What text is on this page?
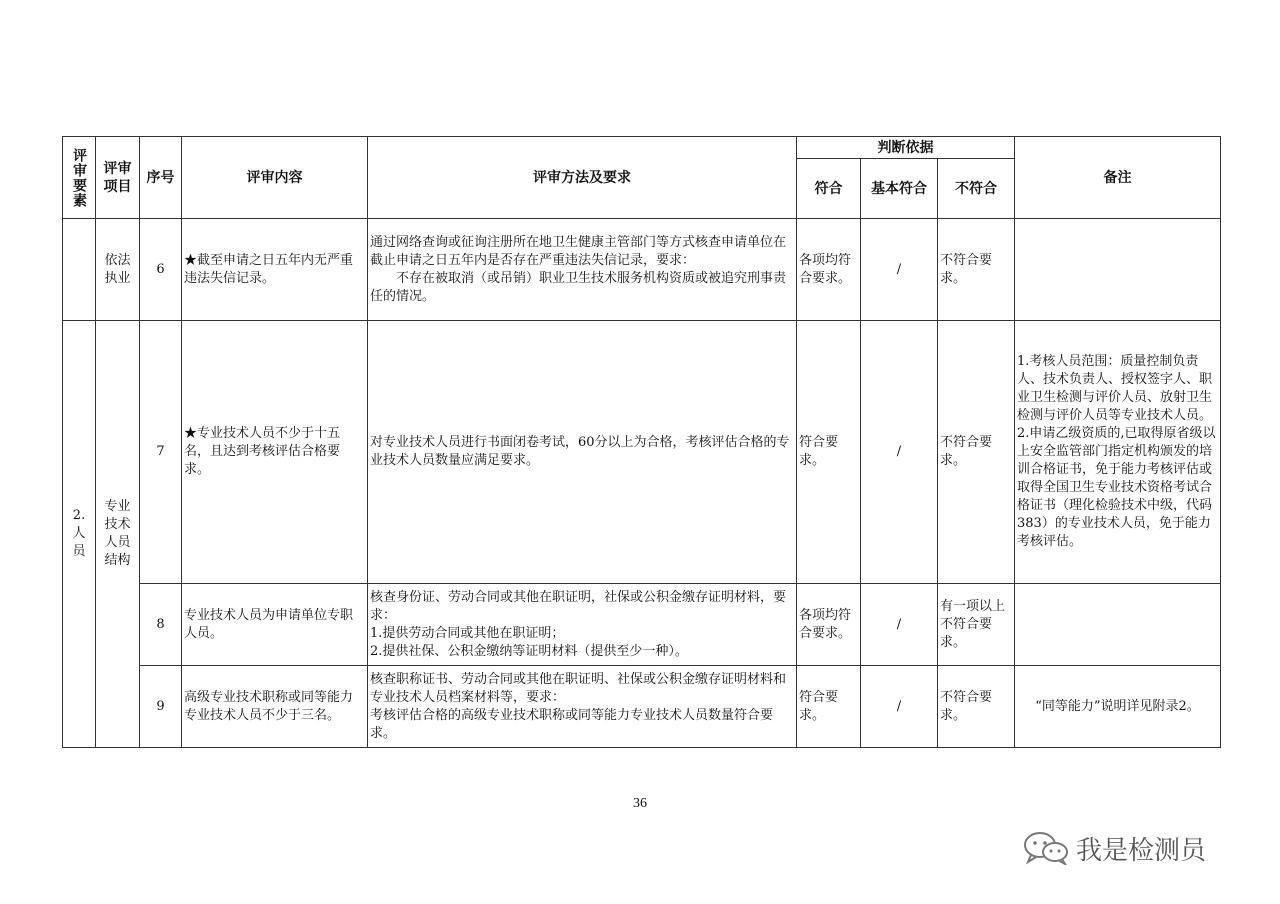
评审要素	评审项目	序号	评审内容	评审方法及要求	判断依据			备注
					符合	基本符合	不符合	
	依法执业	6	★截至申请之日五年内无严重违法失信记录。	通过网络查询或征询注册所在地卫生健康主管部门等方式核查申请单位在截止申请之日五年内是否存在严重违法失信记录，要求：
不存在被取消（或吊销）职业卫生技术服务机构资质或被追究刑事责任的情况。	各项均符合要求。	/	不符合要求。	

2.人员	专业技术人员结构	7	★专业技术人员不少于十五名，且达到考核评估合格要求。	对专业技术人员进行书面闭卷考试，60分以上为合格，考核评估合格的专业技术人员数量应满足要求。	符合要求。	/	不符合要求。	1.考核人员范围：质量控制负责人、技术负责人、授权签字人、职业卫生检测与评价人员、放射卫生检测与评价人员等专业技术人员。
2.申请乙级资质的,已取得原省级以上安全监管部门指定机构颁发的培训合格证书，免于能力考核评估或取得全国卫生专业技术资格考试合格证书（理化检验技术中级，代码383）的专业技术人员，免于能力考核评估。

		8	专业技术人员为申请单位专职人员。	核查身份证、劳动合同或其他在职证明，社保或公积金缴存证明材料，要求：
1.提供劳动合同或其他在职证明；
2.提供社保、公积金缴纳等证明材料（提供至少一种）。	各项均符合要求。	/	有一项以上不符合要求。	
		9	高级专业技术职称或同等能力专业技术人员不少于三名。	核查职称证书、劳动合同或其他在职证明、社保或公积金缴存证明材料和专业技术人员档案材料等，要求：
考核评估合格的高级专业技术职称或同等能力专业技术人员数量符合要求。	符合要求。	/	不符合要求。	“同等能力”说明详见附录2。
36
我是检测员
